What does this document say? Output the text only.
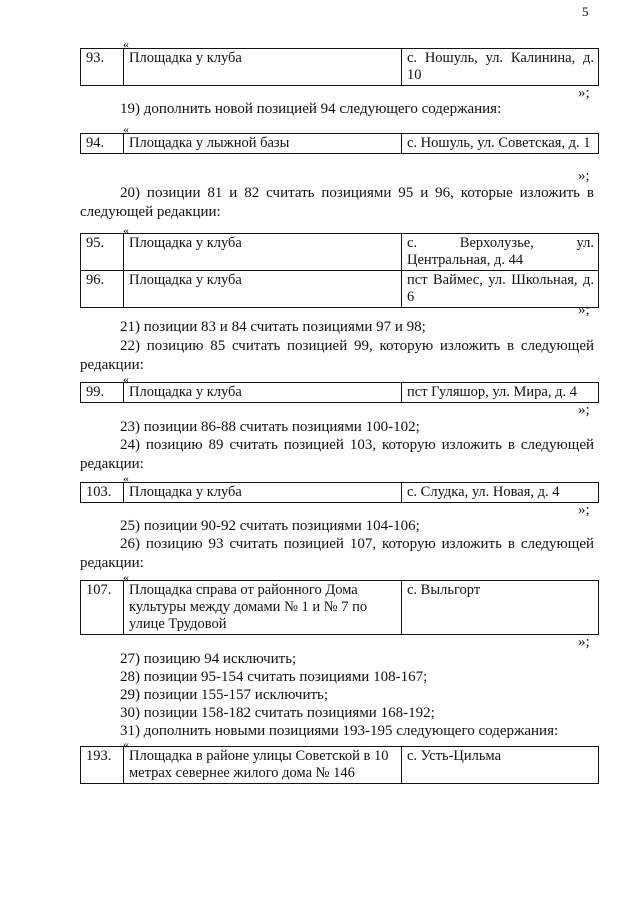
5
«
93.	Площадка у клуба	с. Ношуль, ул. Калинина, д. 10
»;
19) дополнить новой позицией 94 следующего содержания:
«
94.	Площадка у лыжной базы	с. Ношуль, ул. Советская, д. 1
»;
20) позиции 81 и 82 считать позициями 95 и 96, которые изложить в следующей редакции:
«
95.	Площадка у клуба	с. Верхолузье, ул. Центральная, д. 44
96.	Площадка у клуба	пст Ваймес, ул. Школьная, д. 6
»;
21) позиции 83 и 84 считать позициями 97 и 98;
22) позицию 85 считать позицией 99, которую изложить в следующей редакции:
«
99.	Площадка у клуба	пст Гуляшор, ул. Мира, д. 4
»;
23) позиции 86-88 считать позициями 100-102;
24) позицию 89 считать позицией 103, которую изложить в следующей редакции:
«
103.	Площадка у клуба	с. Слудка, ул. Новая, д. 4
»;
25) позиции 90-92 считать позициями 104-106;
26) позицию 93 считать позицией 107, которую изложить в следующей редакции:
«
107.	Площадка справа от районного Дома культуры между домами № 1 и № 7 по улице Трудовой	с. Выльгорт
»;
27) позицию 94 исключить;
28) позиции 95-154 считать позициями 108-167;
29) позиции 155-157 исключить;
30) позиции 158-182 считать позициями 168-192;
31) дополнить новыми позициями 193-195 следующего содержания:
«
193.	Площадка в районе улицы Советской в 10 метрах севернее жилого дома № 146	с. Усть-Цильма
